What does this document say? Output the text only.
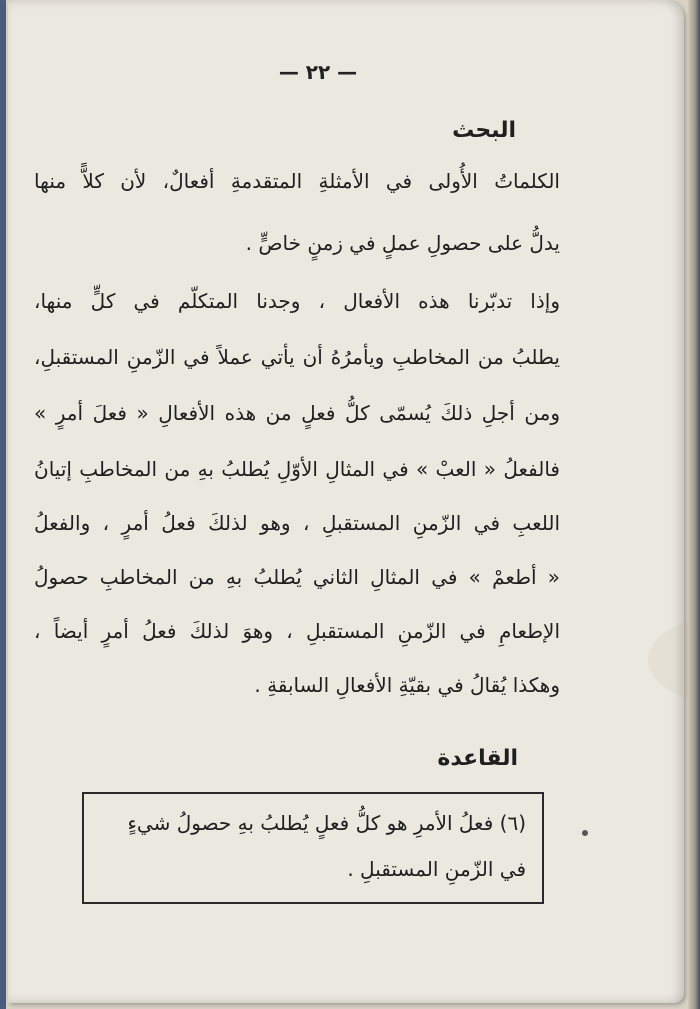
— ٢٢ —
البحث
الكلماتُ الأُولى في الأمثلةِ المتقدمةِ أفعالٌ، لأن كلاًّ منها
يدلُّ على حصولِ عملٍ في زمنٍ خاصٍّ .
وإذا تدبّرنا هذه الأفعال ، وجدنا المتكلّم في كلٍّ منها،
يطلبُ من المخاطبِ ويأمرُهُ أن يأتي عملاً في الزّمنِ المستقبلِ،
ومن أجلِ ذلكَ يُسمّى كلُّ فعلٍ من هذه الأفعالِ « فعلَ أمرٍ »
فالفعلُ « العبْ » في المثالِ الأوّلِ يُطلبُ بهِ من المخاطبِ إتيانُ
اللعبِ في الزّمنِ المستقبلِ ، وهو لذلكَ فعلُ أمرٍ ، والفعلُ
« أطعمْ » في المثالِ الثاني يُطلبُ بهِ من المخاطبِ حصولُ
الإطعامِ في الزّمنِ المستقبلِ ، وهوَ لذلكَ فعلُ أمرٍ أيضاً ،
وهكذا يُقالُ في بقيّةِ الأفعالِ السابقةِ .
القاعدة
(٦) فعلُ الأمرِ هو كلُّ فعلٍ يُطلبُ بهِ حصولُ شيءٍ
في الزّمنِ المستقبلِ .
